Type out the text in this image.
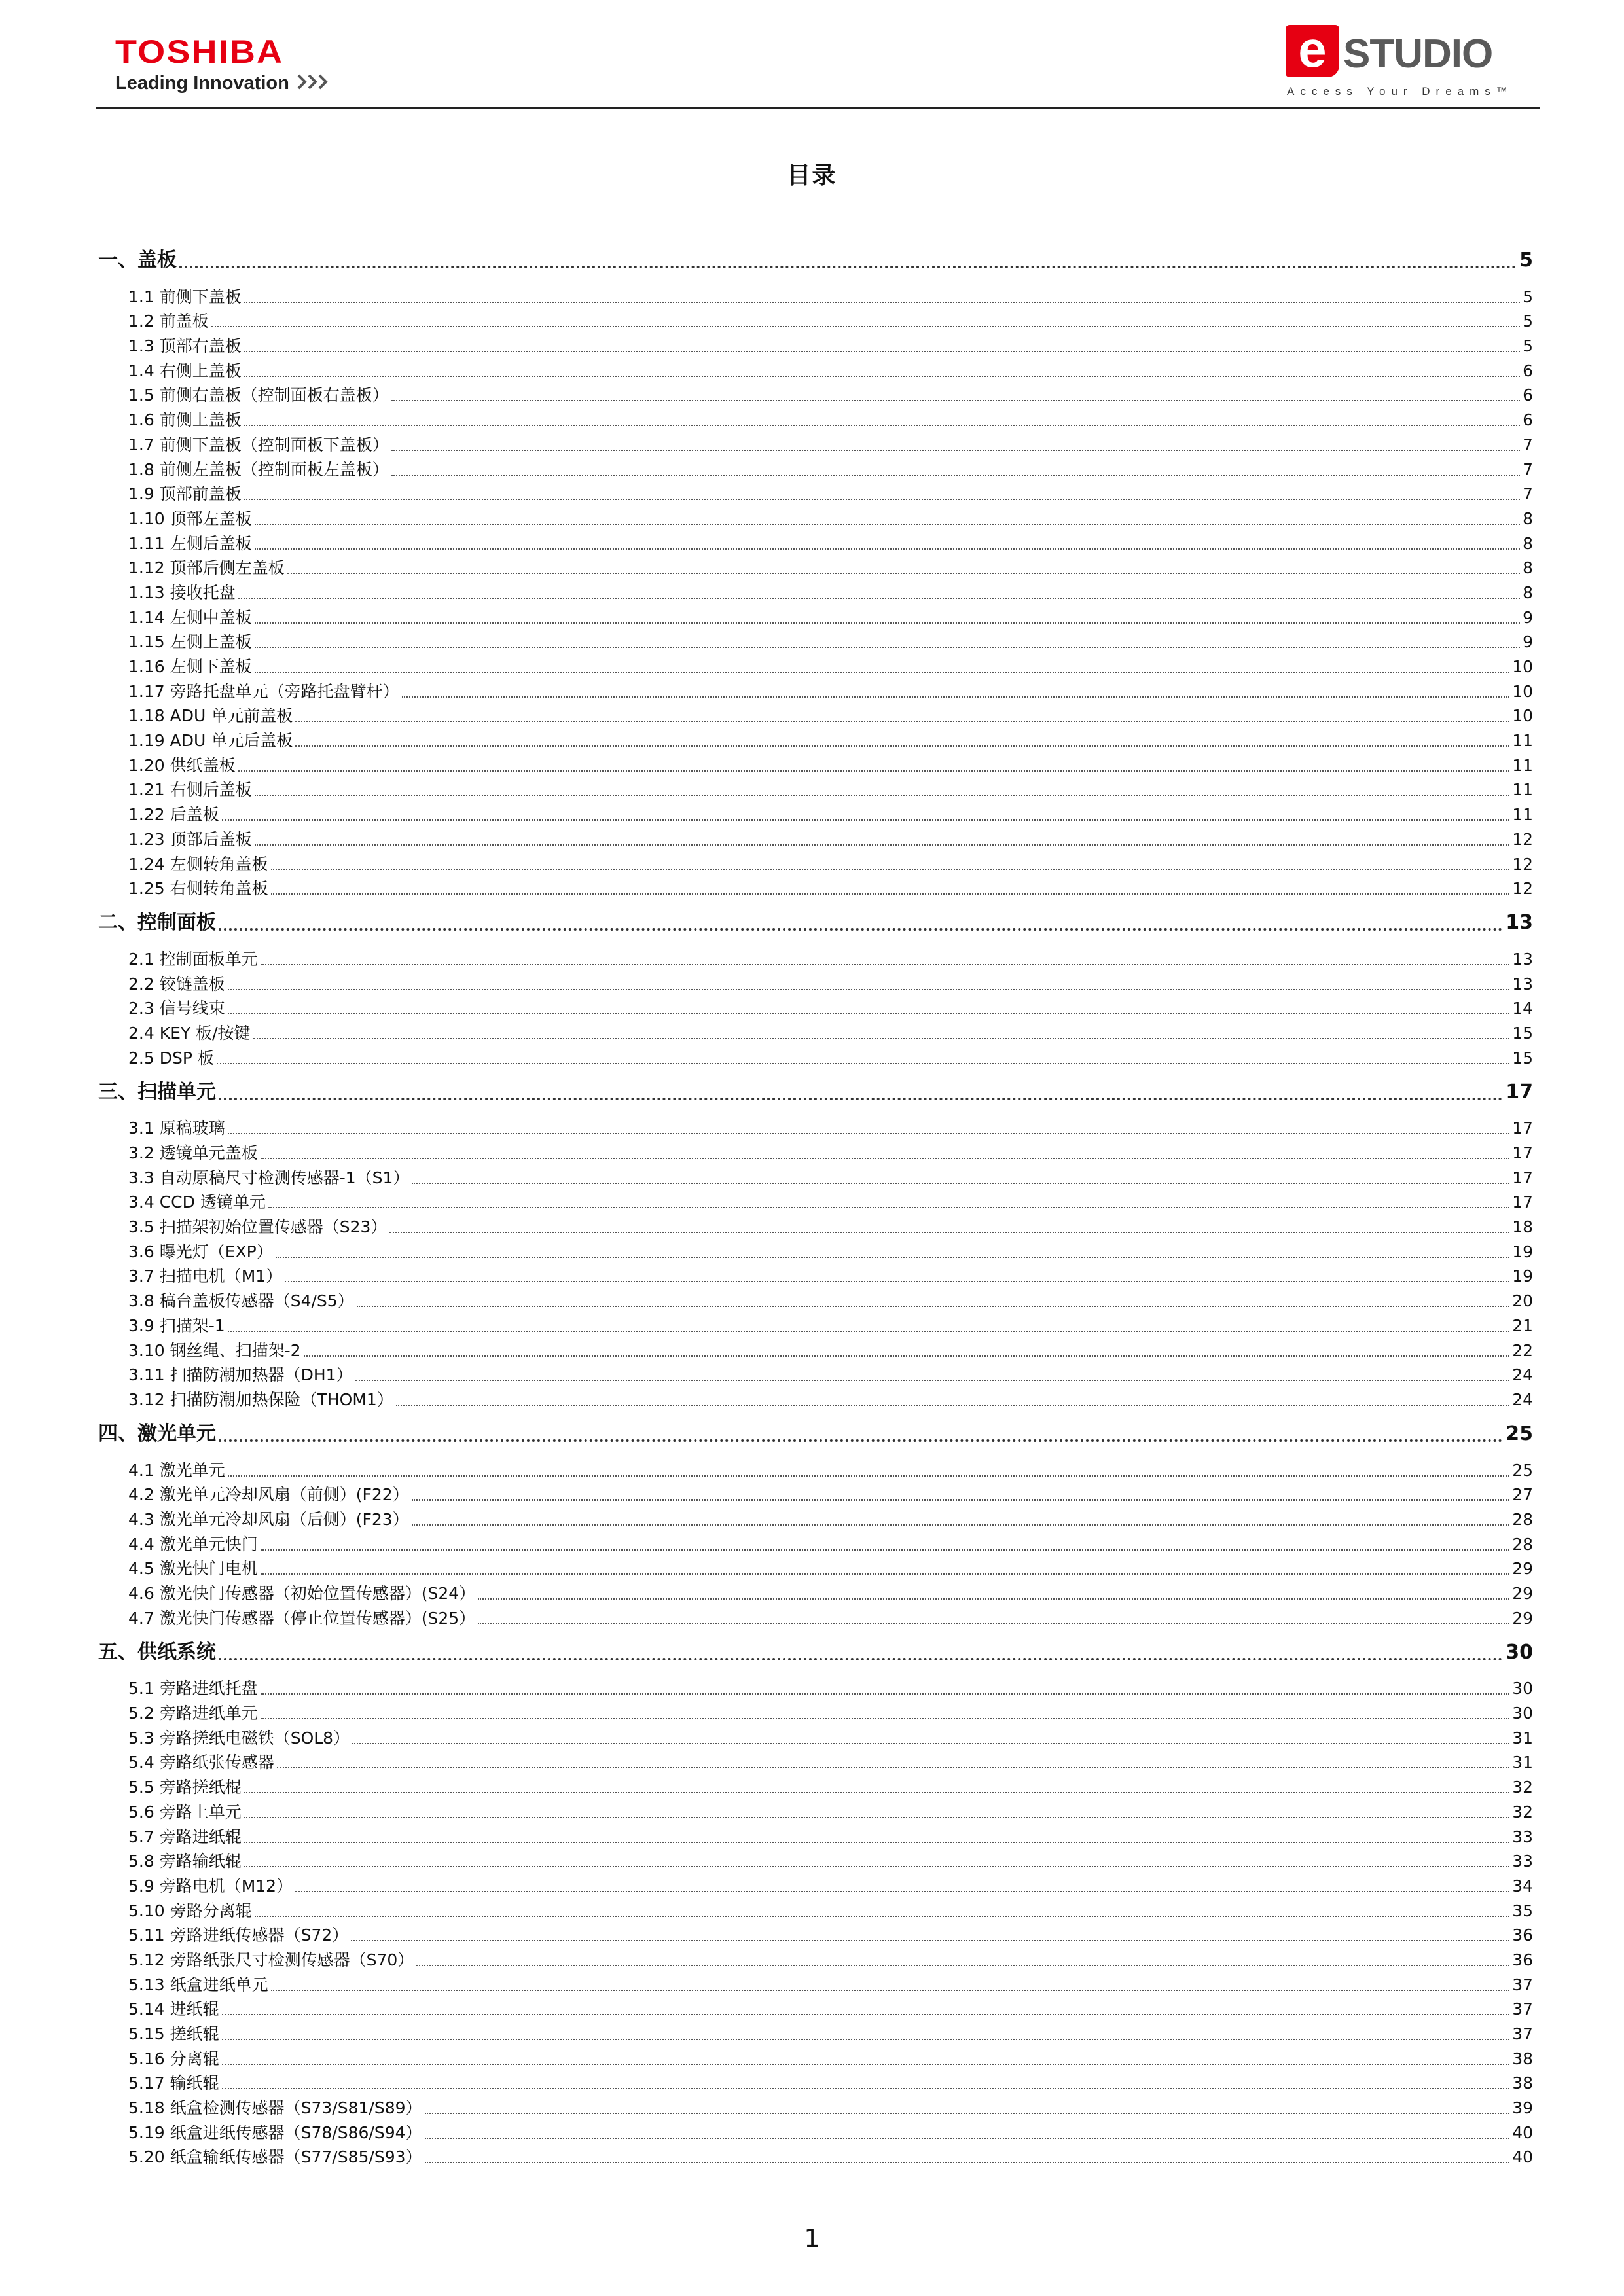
TOSHIBA
Leading Innovation
e STUDIO
Access Your Dreams™
目录
一、盖板	5
1.1 前侧下盖板	5
1.2 前盖板	5
1.3 顶部右盖板	5
1.4 右侧上盖板	6
1.5 前侧右盖板（控制面板右盖板）	6
1.6 前侧上盖板	6
1.7 前侧下盖板（控制面板下盖板）	7
1.8 前侧左盖板（控制面板左盖板）	7
1.9 顶部前盖板	7
1.10 顶部左盖板	8
1.11 左侧后盖板	8
1.12 顶部后侧左盖板	8
1.13 接收托盘	8
1.14 左侧中盖板	9
1.15 左侧上盖板	9
1.16 左侧下盖板	10
1.17 旁路托盘单元（旁路托盘臂杆）	10
1.18 ADU 单元前盖板	10
1.19 ADU 单元后盖板	11
1.20 供纸盖板	11
1.21 右侧后盖板	11
1.22 后盖板	11
1.23 顶部后盖板	12
1.24 左侧转角盖板	12
1.25 右侧转角盖板	12
二、控制面板	13
2.1 控制面板单元	13
2.2 铰链盖板	13
2.3 信号线束	14
2.4 KEY 板/按键	15
2.5 DSP 板	15
三、扫描单元	17
3.1 原稿玻璃	17
3.2 透镜单元盖板	17
3.3 自动原稿尺寸检测传感器-1（S1）	17
3.4 CCD 透镜单元	17
3.5 扫描架初始位置传感器（S23）	18
3.6 曝光灯（EXP）	19
3.7 扫描电机（M1）	19
3.8 稿台盖板传感器（S4/S5）	20
3.9 扫描架-1	21
3.10 钢丝绳、扫描架-2	22
3.11 扫描防潮加热器（DH1）	24
3.12 扫描防潮加热保险（THOM1）	24
四、激光单元	25
4.1 激光单元	25
4.2 激光单元冷却风扇（前侧）(F22）	27
4.3 激光单元冷却风扇（后侧）(F23）	28
4.4 激光单元快门	28
4.5 激光快门电机	29
4.6 激光快门传感器（初始位置传感器）(S24）	29
4.7 激光快门传感器（停止位置传感器）(S25）	29
五、供纸系统	30
5.1 旁路进纸托盘	30
5.2 旁路进纸单元	30
5.3 旁路搓纸电磁铁（SOL8）	31
5.4 旁路纸张传感器	31
5.5 旁路搓纸棍	32
5.6 旁路上单元	32
5.7 旁路进纸辊	33
5.8 旁路输纸辊	33
5.9 旁路电机（M12）	34
5.10 旁路分离辊	35
5.11 旁路进纸传感器（S72）	36
5.12 旁路纸张尺寸检测传感器（S70）	36
5.13 纸盒进纸单元	37
5.14 进纸辊	37
5.15 搓纸辊	37
5.16 分离辊	38
5.17 输纸辊	38
5.18 纸盒检测传感器（S73/S81/S89）	39
5.19 纸盒进纸传感器（S78/S86/S94）	40
5.20 纸盒输纸传感器（S77/S85/S93）	40
1
